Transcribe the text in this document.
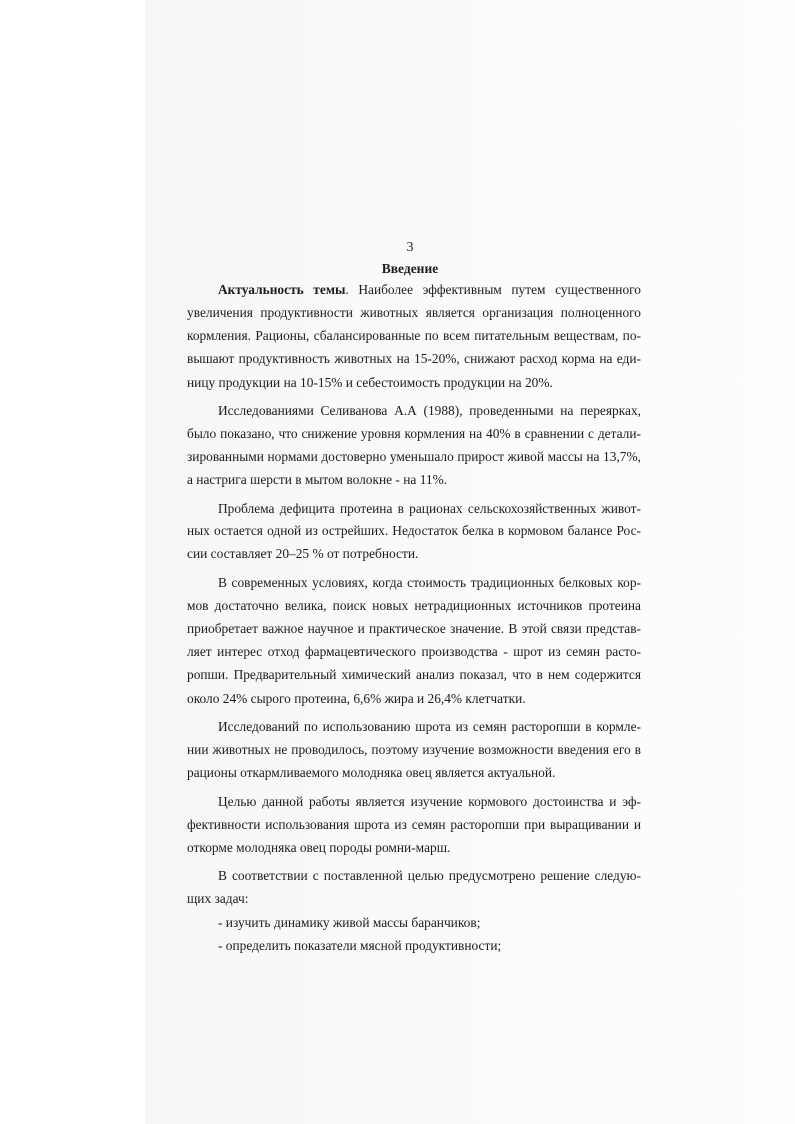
3
Введение
Актуальность темы. Наиболее эффективным путем существенного
увеличения продуктивности животных является организация полноценного
кормления. Рационы, сбалансированные по всем питательным веществам, по-
вышают продуктивность животных на 15-20%, снижают расход корма на еди-
ницу продукции на 10-15% и себестоимость продукции на 20%.
Исследованиями Селиванова А.А (1988), проведенными на переярках,
было показано, что снижение уровня кормления на 40% в сравнении с детали-
зированными нормами достоверно уменьшало прирост живой массы на 13,7%,
а настрига шерсти в мытом волокне - на 11%.
Проблема дефицита протеина в рационах сельскохозяйственных живот-
ных остается одной из острейших. Недостаток белка в кормовом балансе Рос-
сии составляет 20–25 % от потребности.
В современных условиях, когда стоимость традиционных белковых кор-
мов достаточно велика, поиск новых нетрадиционных источников протеина
приобретает важное научное и практическое значение. В этой связи представ-
ляет интерес отход фармацевтического производства - шрот из семян расто-
ропши. Предварительный химический анализ показал, что в нем содержится
около 24% сырого протеина, 6,6% жира и 26,4% клетчатки.
Исследований по использованию шрота из семян расторопши в кормле-
нии животных не проводилось, поэтому изучение возможности введения его в
рационы откармливаемого молодняка овец является актуальной.
Целью данной работы является изучение кормового достоинства и эф-
фективности использования шрота из семян расторопши при выращивании и
откорме молодняка овец породы ромни-марш.
В соответствии с поставленной целью предусмотрено решение следую-
щих задач:
- изучить динамику живой массы баранчиков;
- определить показатели мясной продуктивности;
